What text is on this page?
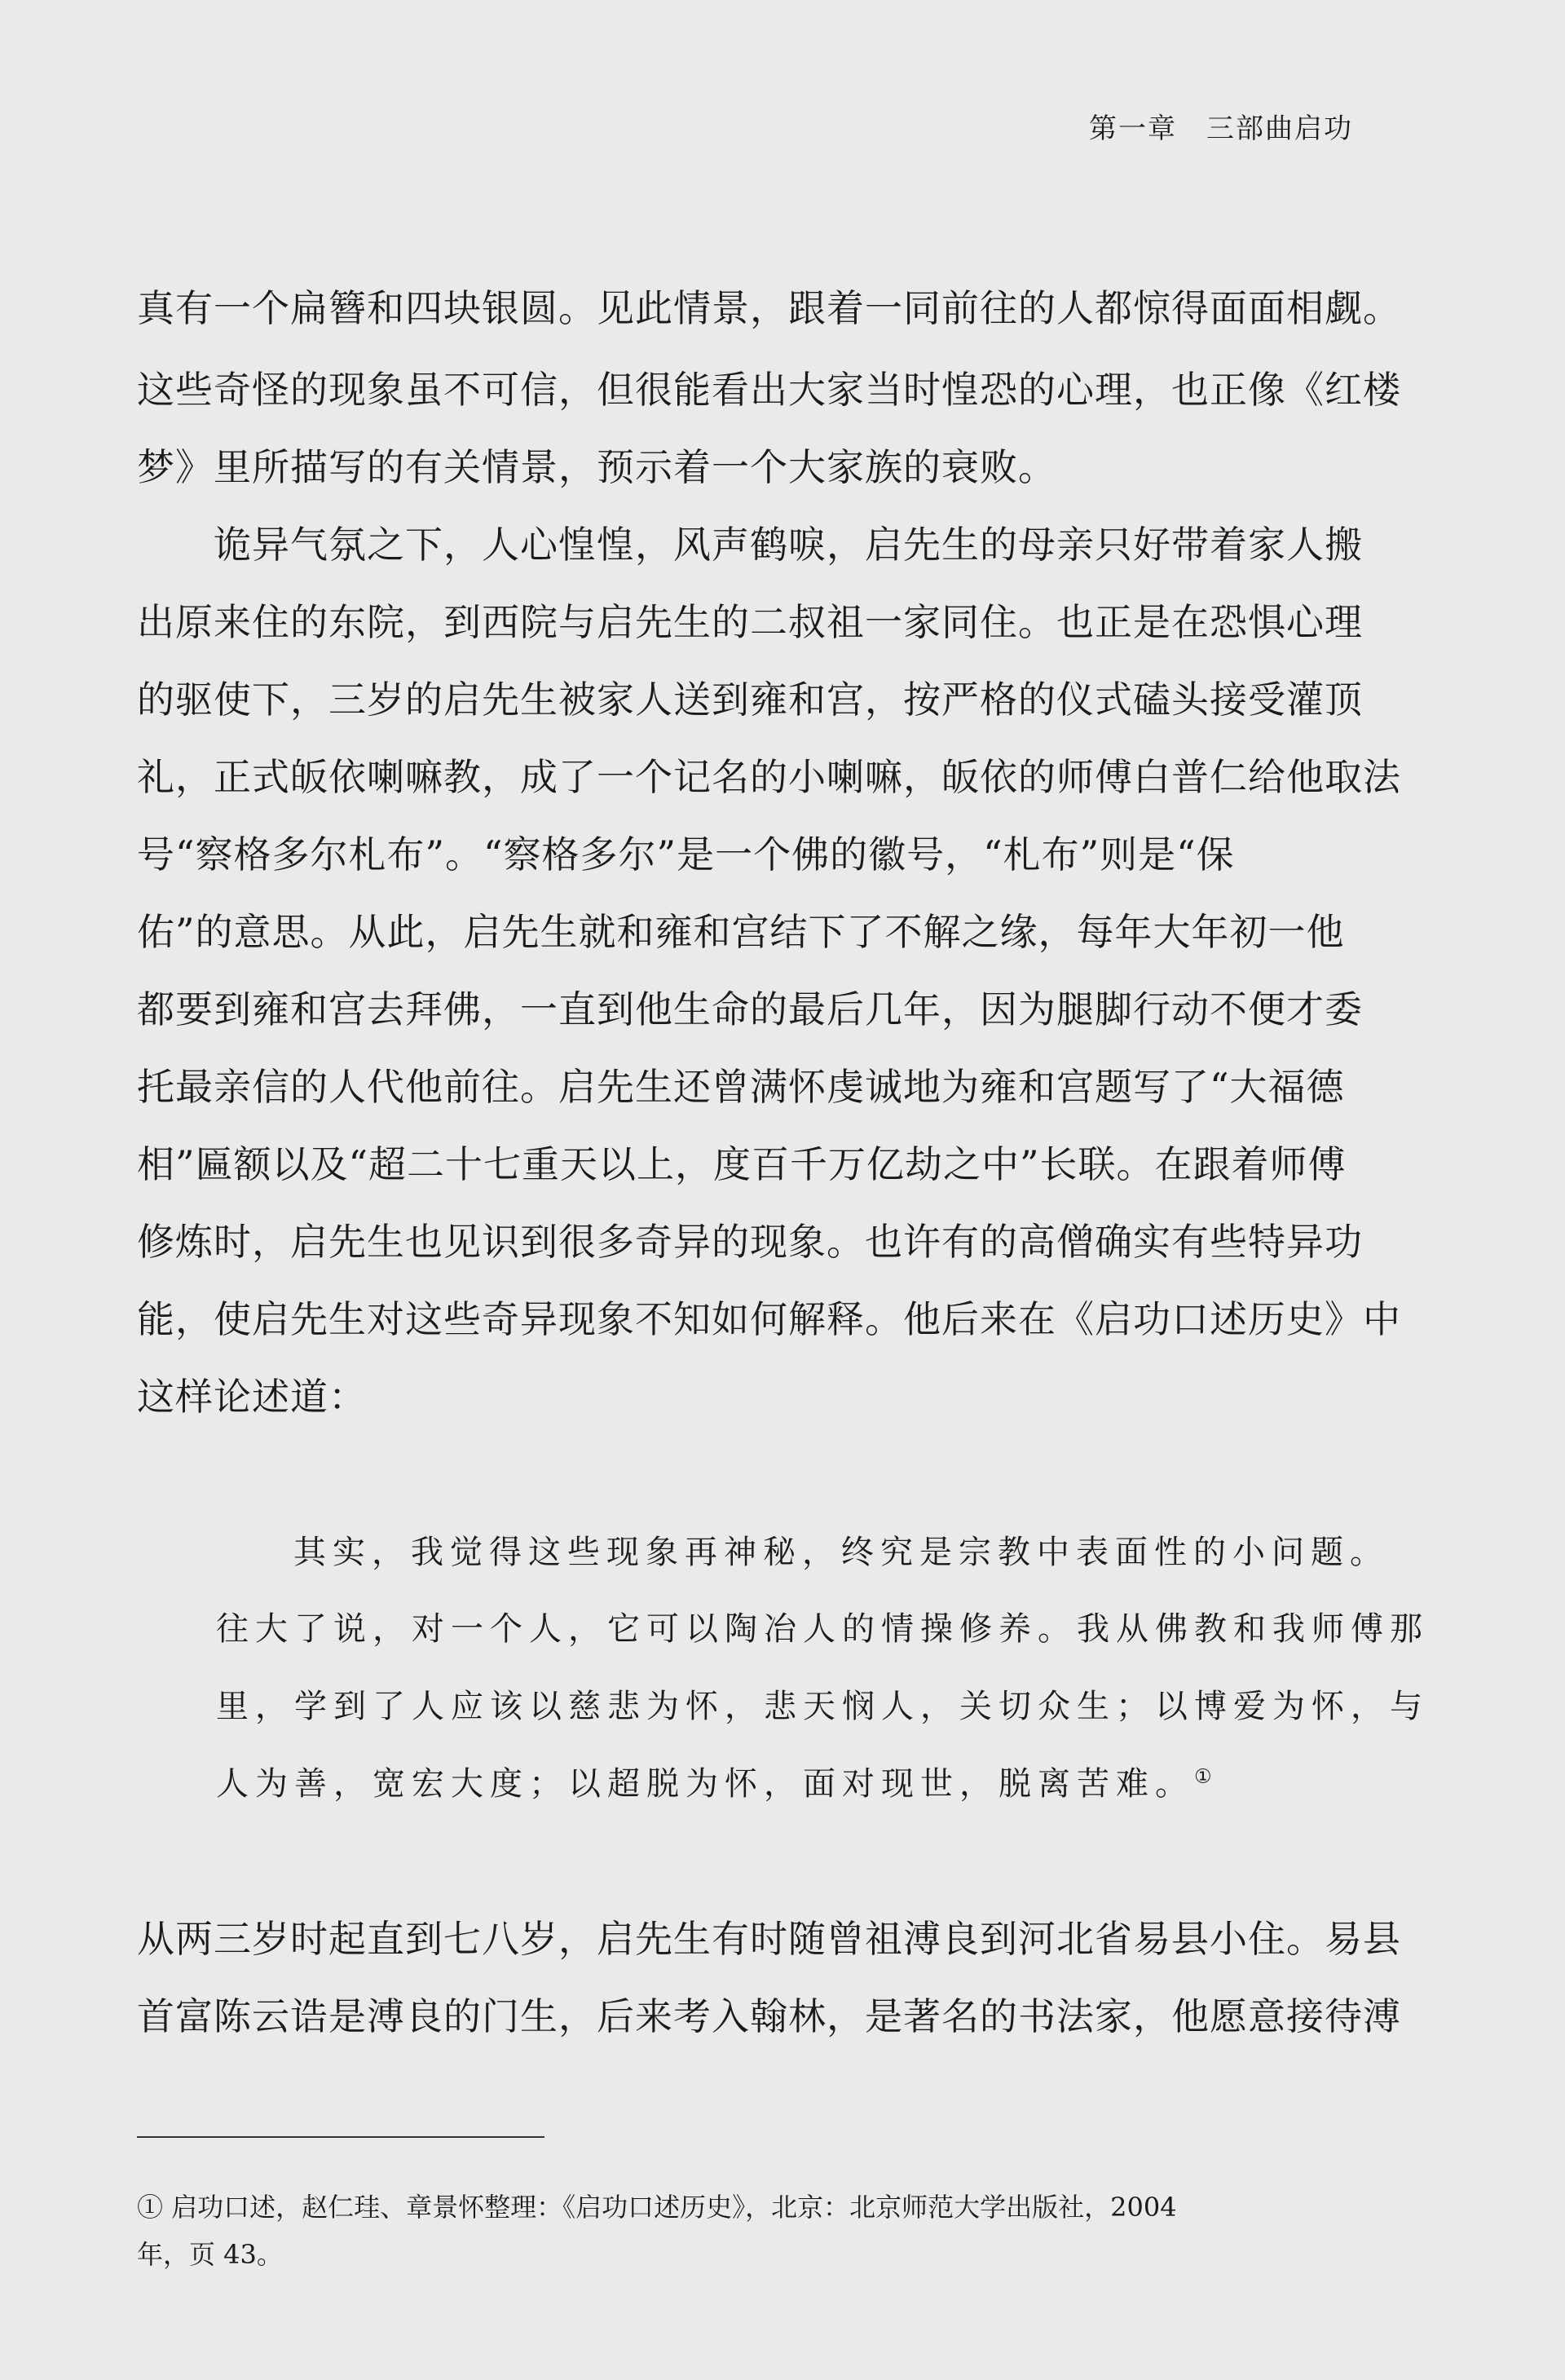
第一章　三部曲启功
真有一个扁簪和四块银圆。见此情景，跟着一同前往的人都惊得面面相觑。
这些奇怪的现象虽不可信，但很能看出大家当时惶恐的心理，也正像《红楼
梦》里所描写的有关情景，预示着一个大家族的衰败。
　　诡异气氛之下，人心惶惶，风声鹤唳，启先生的母亲只好带着家人搬
出原来住的东院，到西院与启先生的二叔祖一家同住。也正是在恐惧心理
的驱使下，三岁的启先生被家人送到雍和宫，按严格的仪式磕头接受灌顶
礼，正式皈依喇嘛教，成了一个记名的小喇嘛，皈依的师傅白普仁给他取法
号“察格多尔札布”。“察格多尔”是一个佛的徽号，“札布”则是“保
佑”的意思。从此，启先生就和雍和宫结下了不解之缘，每年大年初一他
都要到雍和宫去拜佛，一直到他生命的最后几年，因为腿脚行动不便才委
托最亲信的人代他前往。启先生还曾满怀虔诚地为雍和宫题写了“大福德
相”匾额以及“超二十七重天以上，度百千万亿劫之中”长联。在跟着师傅
修炼时，启先生也见识到很多奇异的现象。也许有的高僧确实有些特异功
能，使启先生对这些奇异现象不知如何解释。他后来在《启功口述历史》中
这样论述道：
其实，我觉得这些现象再神秘，终究是宗教中表面性的小问题。
往大了说，对一个人，它可以陶冶人的情操修养。我从佛教和我师傅那
里，学到了人应该以慈悲为怀，悲天悯人，关切众生；以博爱为怀，与
人为善，宽宏大度；以超脱为怀，面对现世，脱离苦难。①
从两三岁时起直到七八岁，启先生有时随曾祖溥良到河北省易县小住。易县
首富陈云诰是溥良的门生，后来考入翰林，是著名的书法家，他愿意接待溥
① 启功口述，赵仁珪、章景怀整理：《启功口述历史》，北京：北京师范大学出版社，2004
年，页 43。
